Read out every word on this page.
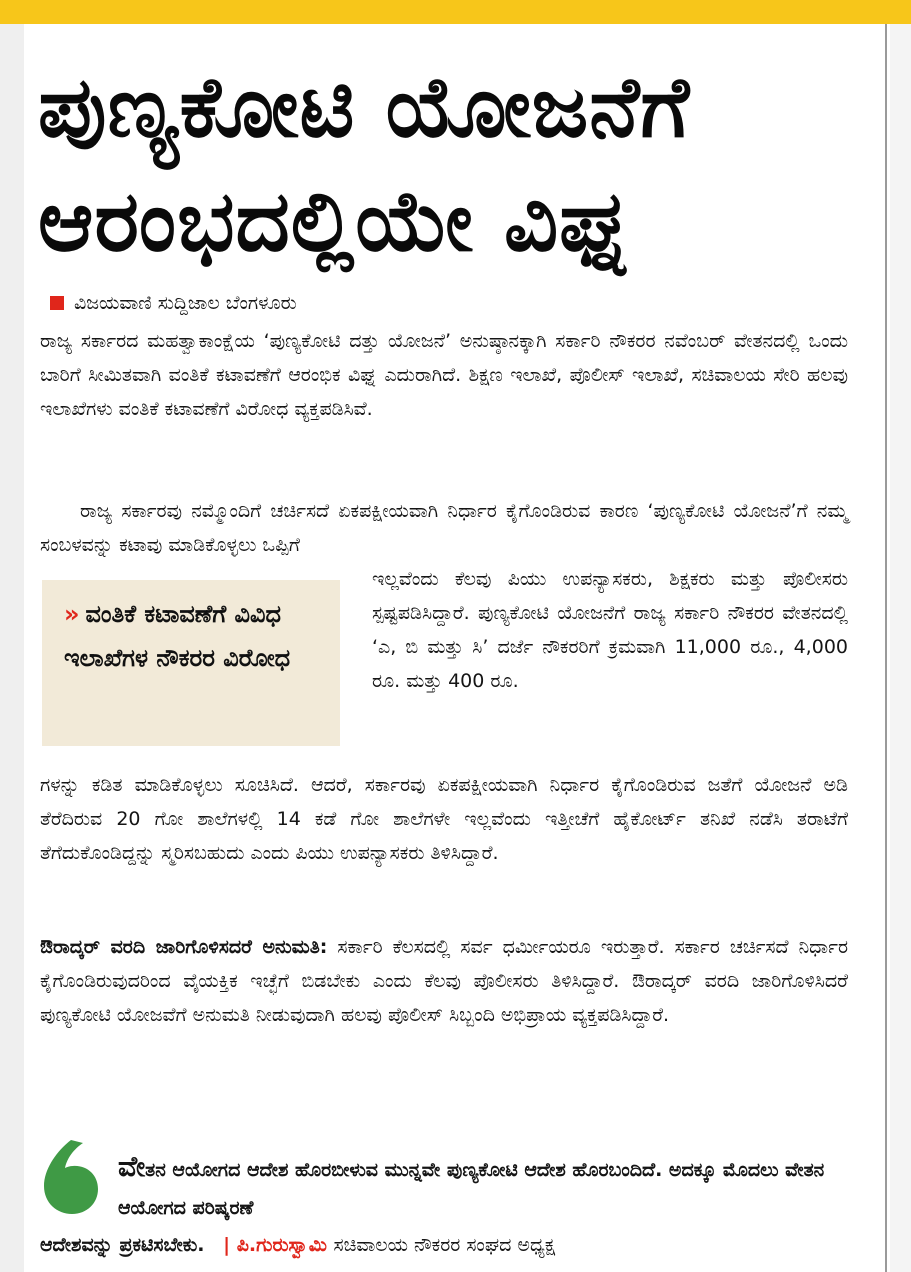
ಪುಣ್ಯಕೋಟಿ ಯೋಜನೆಗೆ
ಆರಂಭದಲ್ಲಿಯೇ ವಿಘ್ನ
ವಿಜಯವಾಣಿ ಸುದ್ದಿಜಾಲ ಬೆಂಗಳೂರು
ರಾಜ್ಯ ಸರ್ಕಾರದ ಮಹತ್ವಾಕಾಂಕ್ಷೆಯ ‘ಪುಣ್ಯಕೋಟಿ ದತ್ತು ಯೋಜನೆ’ ಅನುಷ್ಠಾನಕ್ಕಾಗಿ ಸರ್ಕಾರಿ ನೌಕರರ ನವೆಂಬರ್ ವೇತನದಲ್ಲಿ ಒಂದು ಬಾರಿಗೆ ಸೀಮಿತವಾಗಿ ವಂತಿಕೆ ಕಟಾವಣೆಗೆ ಆರಂಭಿಕ ವಿಘ್ನ ಎದುರಾಗಿದೆ. ಶಿಕ್ಷಣ ಇಲಾಖೆ, ಪೊಲೀಸ್ ಇಲಾಖೆ, ಸಚಿವಾಲಯ ಸೇರಿ ಹಲವು ಇಲಾಖೆಗಳು ವಂತಿಕೆ ಕಟಾವಣೆಗೆ ವಿರೋಧ ವ್ಯಕ್ತಪಡಿಸಿವೆ.
ರಾಜ್ಯ ಸರ್ಕಾರವು ನಮ್ಮೊಂದಿಗೆ ಚರ್ಚಿಸದೆ ಏಕಪಕ್ಷೀಯವಾಗಿ ನಿರ್ಧಾರ ಕೈಗೊಂಡಿರುವ ಕಾರಣ ‘ಪುಣ್ಯಕೋಟಿ ಯೋಜನೆ’ಗೆ ನಮ್ಮ ಸಂಬಳವನ್ನು ಕಟಾವು ಮಾಡಿಕೊಳ್ಳಲು ಒಪ್ಪಿಗೆ
» ವಂತಿಕೆ ಕಟಾವಣೆಗೆ ವಿವಿಧ ಇಲಾಖೆಗಳ ನೌಕರರ ವಿರೋಧ
ಇಲ್ಲವೆಂದು ಕೆಲವು ಪಿಯು ಉಪನ್ಯಾಸಕರು, ಶಿಕ್ಷಕರು ಮತ್ತು ಪೊಲೀಸರು ಸ್ಪಷ್ಟಪಡಿಸಿದ್ದಾರೆ. ಪುಣ್ಯಕೋಟಿ ಯೋಜನೆಗೆ ರಾಜ್ಯ ಸರ್ಕಾರಿ ನೌಕರರ ವೇತನದಲ್ಲಿ ‘ಎ, ಬಿ ಮತ್ತು ಸಿ’ ದರ್ಜೆ ನೌಕರರಿಗೆ ಕ್ರಮವಾಗಿ 11,000 ರೂ., 4,000 ರೂ. ಮತ್ತು 400 ರೂ.
ಗಳನ್ನು ಕಡಿತ ಮಾಡಿಕೊಳ್ಳಲು ಸೂಚಿಸಿದೆ. ಆದರೆ, ಸರ್ಕಾರವು ಏಕಪಕ್ಷೀಯವಾಗಿ ನಿರ್ಧಾರ ಕೈಗೊಂಡಿರುವ ಜತೆಗೆ ಯೋಜನೆ ಅಡಿ ತೆರೆದಿರುವ 20 ಗೋ ಶಾಲೆಗಳಲ್ಲಿ 14 ಕಡೆ ಗೋ ಶಾಲೆಗಳೇ ಇಲ್ಲವೆಂದು ಇತ್ತೀಚೆಗೆ ಹೈಕೋರ್ಟ್ ತನಿಖೆ ನಡೆಸಿ ತರಾಟೆಗೆ ತೆಗೆದುಕೊಂಡಿದ್ದನ್ನು ಸ್ಮರಿಸಬಹುದು ಎಂದು ಪಿಯು ಉಪನ್ಯಾಸಕರು ತಿಳಿಸಿದ್ದಾರೆ.
ಔರಾದ್ಕರ್ ವರದಿ ಜಾರಿಗೊಳಿಸದರೆ ಅನುಮತಿ: ಸರ್ಕಾರಿ ಕೆಲಸದಲ್ಲಿ ಸರ್ವ ಧರ್ಮೀಯರೂ ಇರುತ್ತಾರೆ. ಸರ್ಕಾರ ಚರ್ಚಿಸದೆ ನಿರ್ಧಾರ ಕೈಗೊಂಡಿರುವುದರಿಂದ ವೈಯಕ್ತಿಕ ಇಚ್ಛೆಗೆ ಬಿಡಬೇಕು ಎಂದು ಕೆಲವು ಪೊಲೀಸರು ತಿಳಿಸಿದ್ದಾರೆ. ಔರಾದ್ಕರ್ ವರದಿ ಜಾರಿಗೊಳಿಸಿದರೆ ಪುಣ್ಯಕೋಟಿ ಯೋಜವೆಗೆ ಅನುಮತಿ ನೀಡುವುದಾಗಿ ಹಲವು ಪೊಲೀಸ್ ಸಿಬ್ಬಂದಿ ಅಭಿಪ್ರಾಯ ವ್ಯಕ್ತಪಡಿಸಿದ್ದಾರೆ.
ವೇತನ ಆಯೋಗದ ಆದೇಶ ಹೊರಬೀಳುವ ಮುನ್ನವೇ ಪುಣ್ಯಕೋಟಿ ಆದೇಶ ಹೊರಬಂದಿದೆ. ಅದಕ್ಕೂ ಮೊದಲು ವೇತನ ಆಯೋಗದ ಪರಿಷ್ಕರಣೆ
ಆದೇಶವನ್ನು ಪ್ರಕಟಿಸಬೇಕು. | ಪಿ.ಗುರುಸ್ವಾಮಿ ಸಚಿವಾಲಯ ನೌಕರರ ಸಂಘದ ಅಧ್ಯಕ್ಷ
